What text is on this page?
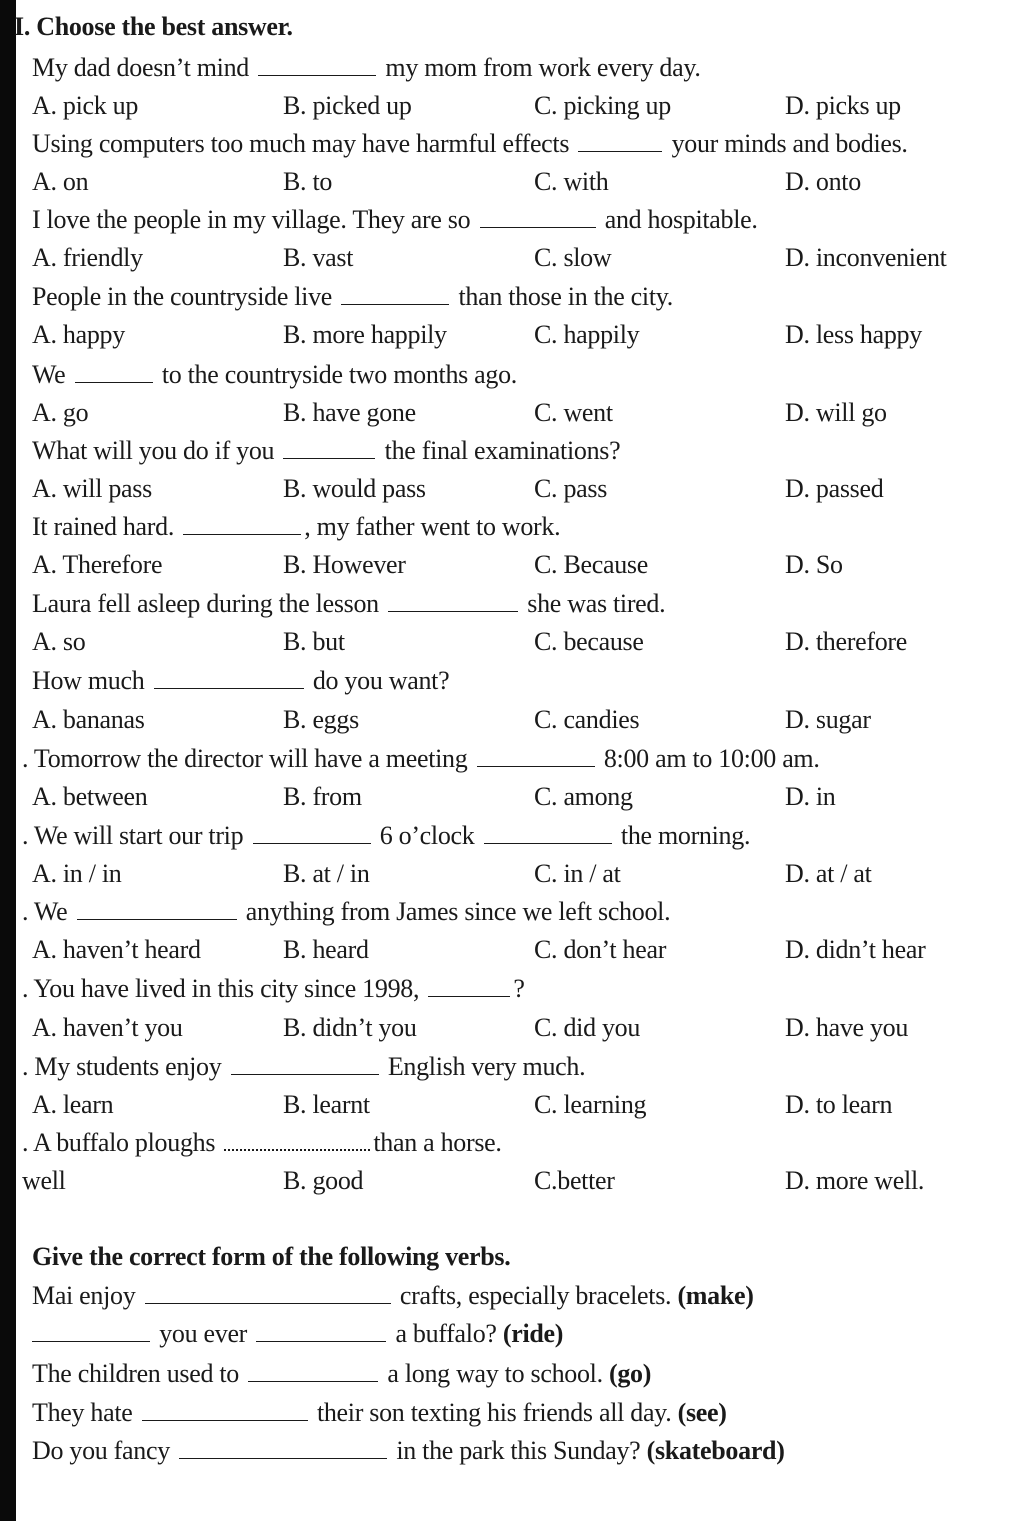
I. Choose the best answer.
My dad doesn’t mind	my mom from work every day.
A. pick up	B. picked up	C. picking up	D. picks up
Using computers too much may have harmful effects	your minds and bodies.
A. on	B. to	C. with	D. onto
I love the people in my village. They are so	and hospitable.
A. friendly	B. vast	C. slow	D. inconvenient
People in the countryside live	than those in the city.
A. happy	B. more happily	C. happily	D. less happy
We	to the countryside two months ago.
A. go	B. have gone	C. went	D. will go
What will you do if you	the final examinations?
A. will pass	B. would pass	C. pass	D. passed
It rained hard.	, my father went to work.
A. Therefore	B. However	C. Because	D. So
Laura fell asleep during the lesson	she was tired.
A. so	B. but	C. because	D. therefore
How much	do you want?
A. bananas	B. eggs	C. candies	D. sugar
. Tomorrow the director will have a meeting	8:00 am to 10:00 am.
A. between	B. from	C. among	D. in
. We will start our trip	6 o’clock	the morning.
A. in / in	B. at / in	C. in / at	D. at / at
. We	anything from James since we left school.
A. haven’t heard	B. heard	C. don’t hear	D. didn’t hear
. You have lived in this city since 1998,	?
A. haven’t you	B. didn’t you	C. did you	D. have you
. My students enjoy	English very much.
A. learn	B. learnt	C. learning	D. to learn
. A buffalo ploughs	than a horse.
well	B. good	C.better	D. more well.
Give the correct form of the following verbs.
Mai enjoy	crafts, especially bracelets. (make)
you ever	a buffalo? (ride)
The children used to	a long way to school. (go)
They hate	their son texting his friends all day. (see)
Do you fancy	in the park this Sunday? (skateboard)
